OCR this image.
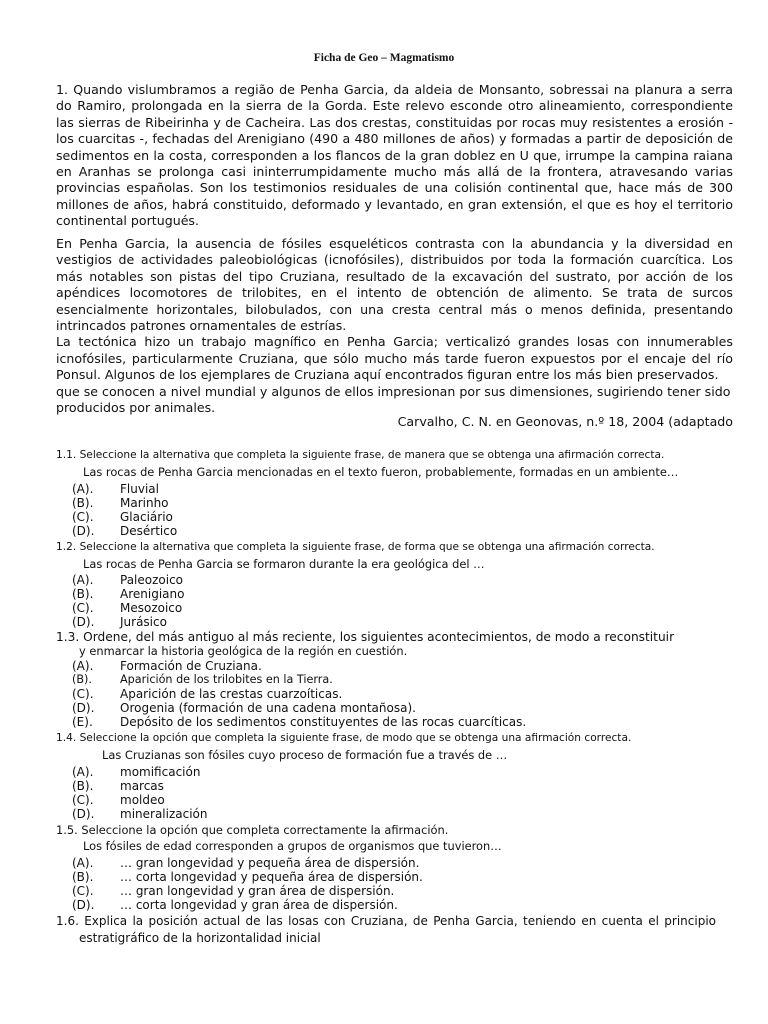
Ficha de Geo – Magmatismo

1. Quando vislumbramos a região de Penha Garcia, da aldeia de Monsanto, sobressai na planura a serra do Ramiro, prolongada en la sierra de la Gorda. Este relevo esconde otro alineamiento, correspondiente las sierras de Ribeirinha y de Cacheira. Las dos crestas, constituidas por rocas muy resistentes a erosión - los cuarcitas -, fechadas del Arenigiano (490 a 480 millones de años) y formadas a partir de deposición de sedimentos en la costa, corresponden a los flancos de la gran doblez en U que, irrumpe la campina raiana en Aranhas se prolonga casi ininterrumpidamente mucho más allá de la frontera, atravesando varias provincias españolas. Son los testimonios residuales de una colisión continental que, hace más de 300 millones de años, habrá constituido, deformado y levantado, en gran extensión, el que es hoy el territorio continental portugués.

En Penha Garcia, la ausencia de fósiles esqueléticos contrasta con la abundancia y la diversidad en vestigios de actividades paleobiológicas (icnofósiles), distribuidos por toda la formación cuarcítica. Los más notables son pistas del tipo Cruziana, resultado de la excavación del sustrato, por acción de los apéndices locomotores de trilobites, en el intento de obtención de alimento. Se trata de surcos esencialmente horizontales, bilobulados, con una cresta central más o menos definida, presentando intrincados patrones ornamentales de estrías.

La tectónica hizo un trabajo magnífico en Penha Garcia; verticalizó grandes losas con innumerables icnofósiles, particularmente Cruziana, que sólo mucho más tarde fueron expuestos por el encaje del río Ponsul. Algunos de los ejemplares de Cruziana aquí encontrados figuran entre los más bien preservados.

que se conocen a nivel mundial y algunos de ellos impresionan por sus dimensiones, sugiriendo tener sido producidos por animales.

Carvalho, C. N. en Geonovas, n.º 18, 2004 (adaptado
1.1. Seleccione la alternativa que completa la siguiente frase, de manera que se obtenga una afirmación correcta.
Las rocas de Penha Garcia mencionadas en el texto fueron, probablemente, formadas en un ambiente…
(A). Fluvial
(B). Marinho
(C). Glaciário
(D). Desértico
1.2. Seleccione la alternativa que completa la siguiente frase, de forma que se obtenga una afirmación correcta.
Las rocas de Penha Garcia se formaron durante la era geológica del …
(A). Paleozoico
(B). Arenigiano
(C). Mesozoico
(D). Jurásico
1.3. Ordene, del más antiguo al más reciente, los siguientes acontecimientos, de modo a reconstituir
y enmarcar la historia geológica de la región en cuestión.
(A). Formación de Cruziana.
(B).	Aparición de los trilobites en la Tierra.
(C). Aparición de las crestas cuarzoíticas.
(D). Orogenia (formación de una cadena montañosa).
(E). Depósito de los sedimentos constituyentes de las rocas cuarcíticas.
1.4. Seleccione la opción que completa la siguiente frase, de modo que se obtenga una afirmación correcta.
Las Cruzianas son fósiles cuyo proceso de formación fue a través de …
(A). momificación
(B). marcas
(C). moldeo
(D). mineralización
1.5. Seleccione la opción que completa correctamente la afirmación.
Los fósiles de edad corresponden a grupos de organismos que tuvieron…
(A). … gran longevidad y pequeña área de dispersión.
(B). … corta longevidad y pequeña área de dispersión.
(C). … gran longevidad y gran área de dispersión.
(D). … corta longevidad y gran área de dispersión.
1.6. Explica la posición actual de las losas con Cruziana, de Penha Garcia, teniendo en cuenta el principio
estratigráfico de la horizontalidad inicial
